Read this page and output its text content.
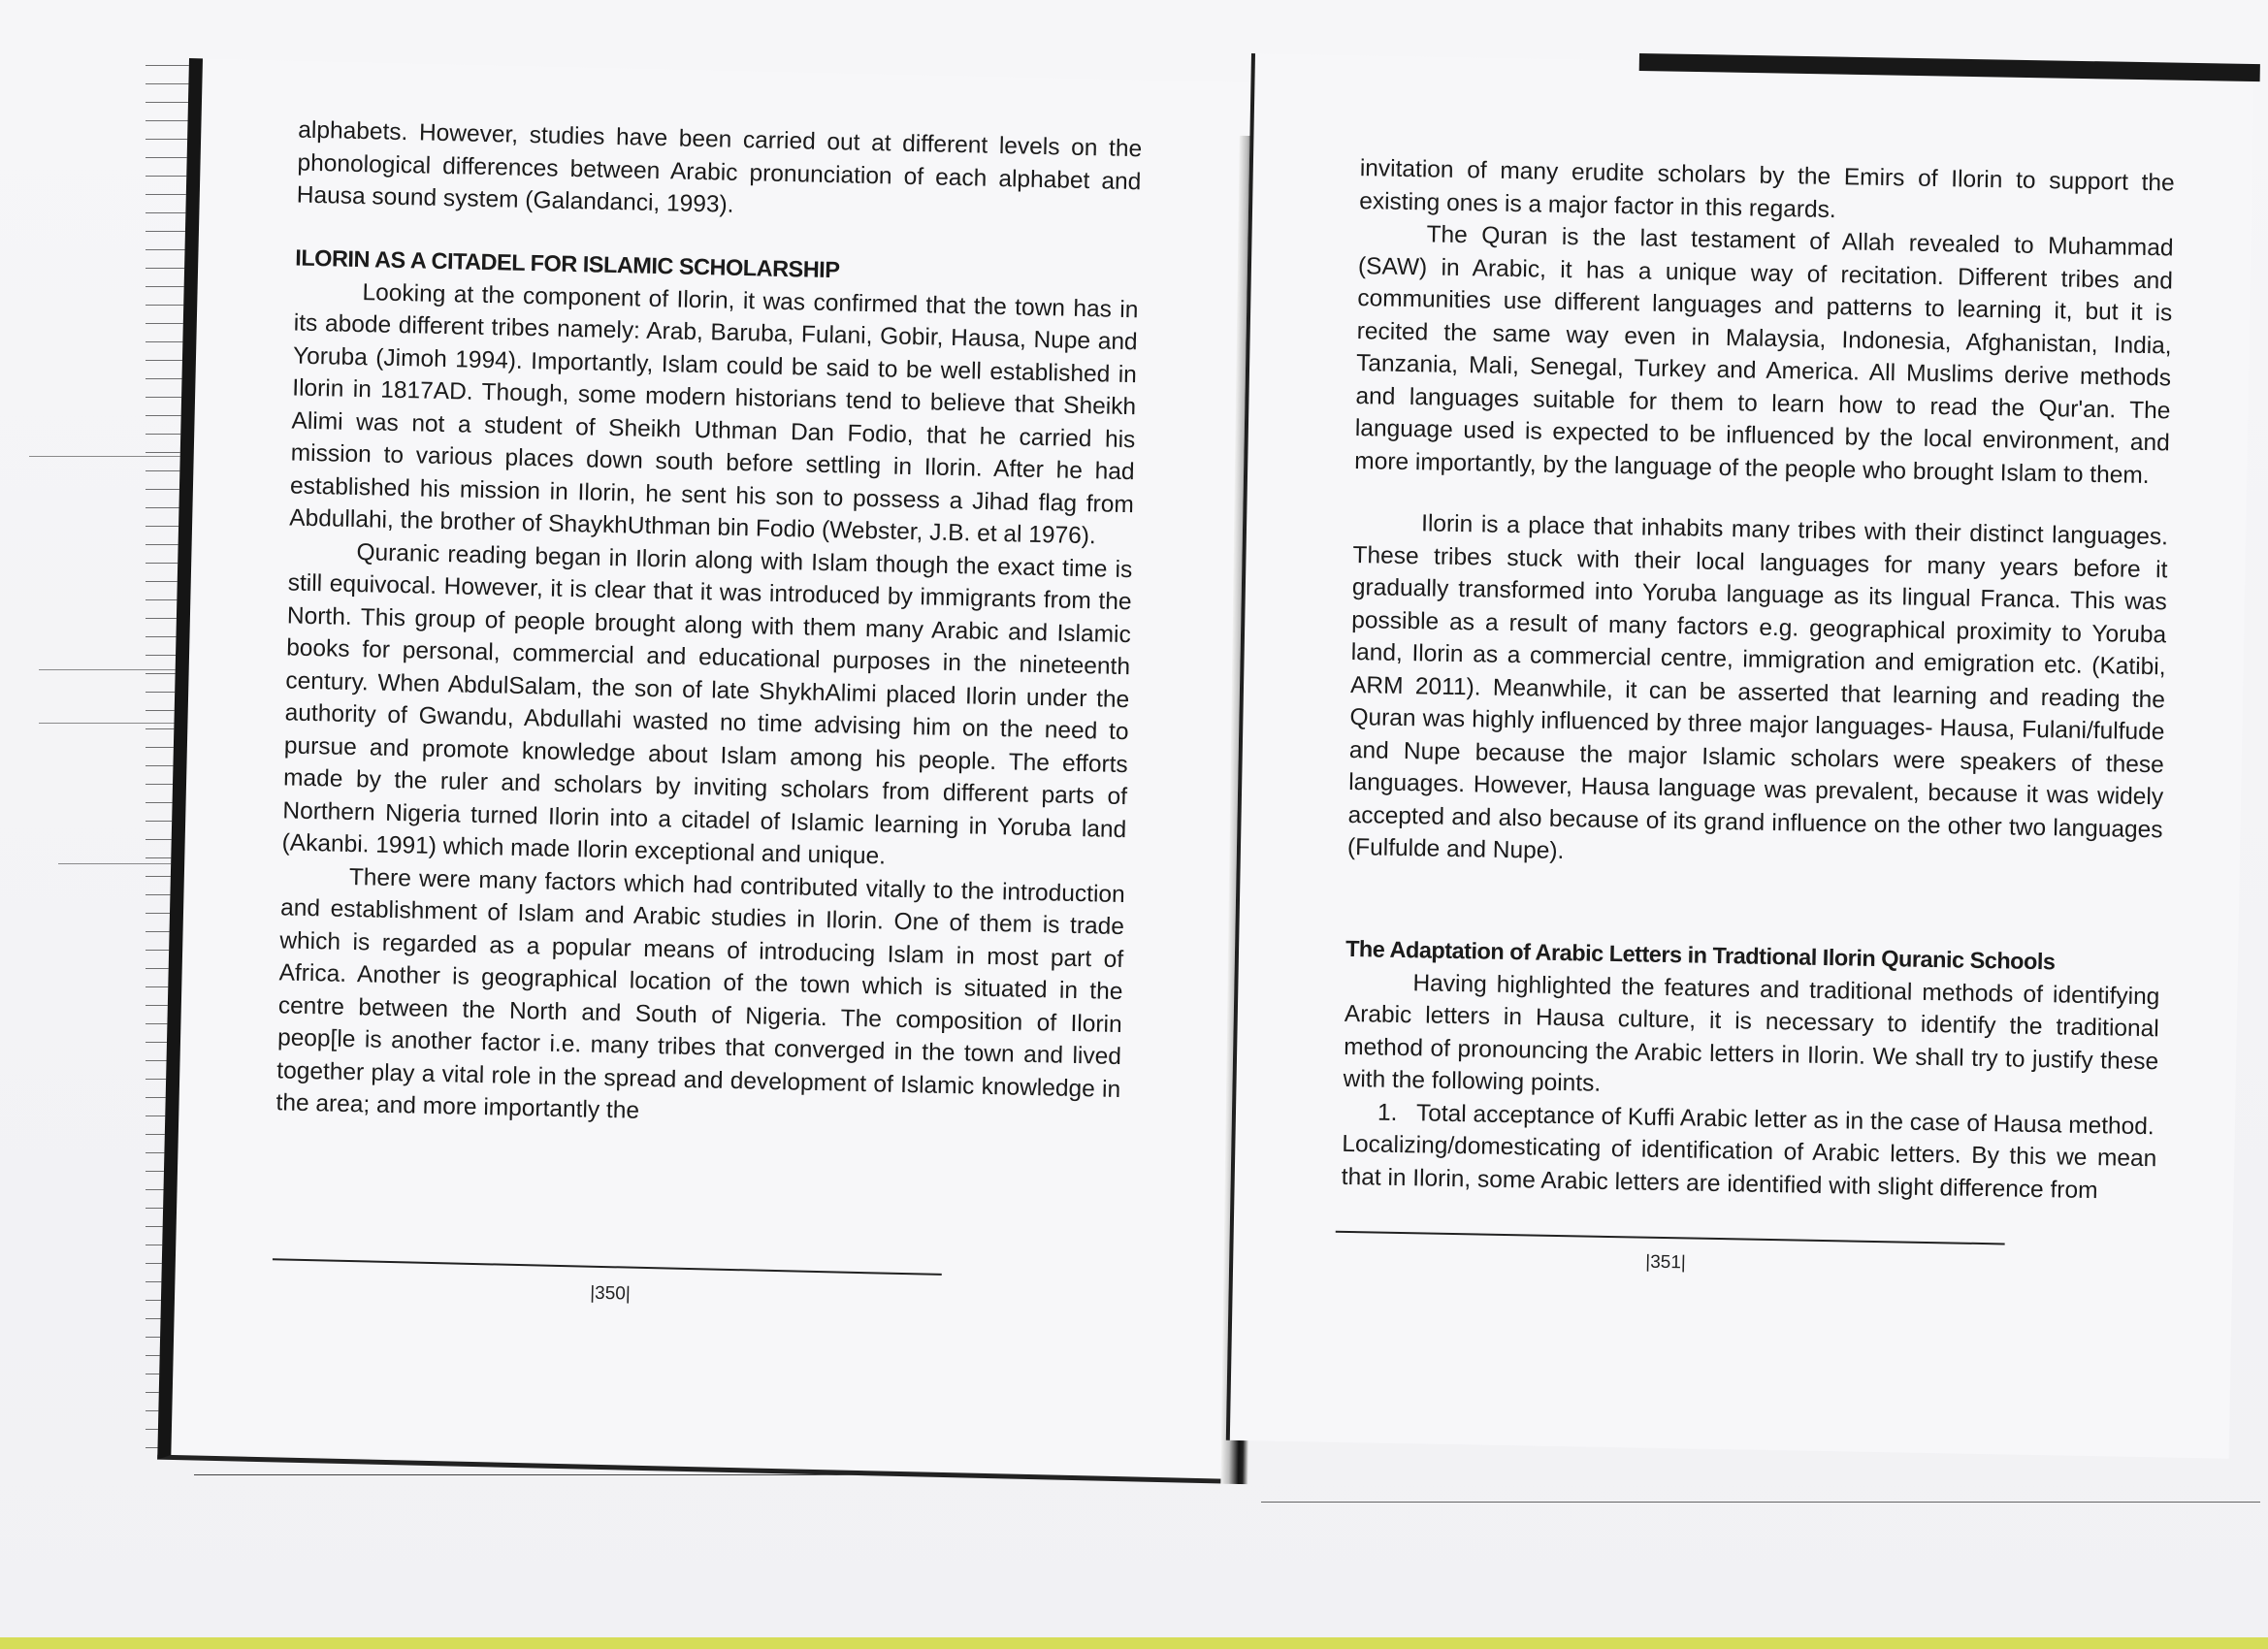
alphabets. However, studies have been carried out at different levels on the phonological differences between Arabic pronunciation of each alphabet and Hausa sound system (Galandanci, 1993).

ILORIN AS A CITADEL FOR ISLAMIC SCHOLARSHIP

Looking at the component of Ilorin, it was confirmed that the town has in its abode different tribes namely: Arab, Baruba, Fulani, Gobir, Hausa, Nupe and Yoruba (Jimoh 1994). Importantly, Islam could be said to be well established in Ilorin in 1817AD. Though, some modern historians tend to believe that Sheikh Alimi was not a student of Sheikh Uthman Dan Fodio, that he carried his mission to various places down south before settling in Ilorin. After he had established his mission in Ilorin, he sent his son to possess a Jihad flag from Abdullahi, the brother of ShaykhUthman bin Fodio (Webster, J.B. et al 1976).

Quranic reading began in Ilorin along with Islam though the exact time is still equivocal. However, it is clear that it was introduced by immigrants from the North. This group of people brought along with them many Arabic and Islamic books for personal, commercial and educational purposes in the nineteenth century. When AbdulSalam, the son of late ShykhAlimi placed Ilorin under the authority of Gwandu, Abdullahi wasted no time advising him on the need to pursue and promote knowledge about Islam among his people. The efforts made by the ruler and scholars by inviting scholars from different parts of Northern Nigeria turned Ilorin into a citadel of Islamic learning in Yoruba land (Akanbi. 1991) which made Ilorin exceptional and unique.

There were many factors which had contributed vitally to the introduction and establishment of Islam and Arabic studies in Ilorin. One of them is trade which is regarded as a popular means of introducing Islam in most part of Africa. Another is geographical location of the town which is situated in the centre between the North and South of Nigeria. The composition of Ilorin peop[le is another factor i.e. many tribes that converged in the town and lived together play a vital role in the spread and development of Islamic knowledge in the area; and more importantly the

|350|

invitation of many erudite scholars by the Emirs of Ilorin to support the existing ones is a major factor in this regards.

The Quran is the last testament of Allah revealed to Muhammad (SAW) in Arabic, it has a unique way of recitation. Different tribes and communities use different languages and patterns to learning it, but it is recited the same way even in Malaysia, Indonesia, Afghanistan, India, Tanzania, Mali, Senegal, Turkey and America. All Muslims derive methods and languages suitable for them to learn how to read the Qur'an. The language used is expected to be influenced by the local environment, and more importantly, by the language of the people who brought Islam to them.

Ilorin is a place that inhabits many tribes with their distinct languages. These tribes stuck with their local languages for many years before it gradually transformed into Yoruba language as its lingual Franca. This was possible as a result of many factors e.g. geographical proximity to Yoruba land, Ilorin as a commercial centre, immigration and emigration etc. (Katibi, ARM 2011). Meanwhile, it can be asserted that learning and reading the Quran was highly influenced by three major languages- Hausa, Fulani/fulfude and Nupe because the major Islamic scholars were speakers of these languages. However, Hausa language was prevalent, because it was widely accepted and also because of its grand influence on the other two languages (Fulfulde and Nupe).

The Adaptation of Arabic Letters in Tradtional Ilorin Quranic Schools

Having highlighted the features and traditional methods of identifying Arabic letters in Hausa culture, it is necessary to identify the traditional method of pronouncing the Arabic letters in Ilorin. We shall try to justify these with the following points.

1. Total acceptance of Kuffi Arabic letter as in the case of Hausa method.

Localizing/domesticating of identification of Arabic letters. By this we mean that in Ilorin, some Arabic letters are identified with slight difference from

|351|
